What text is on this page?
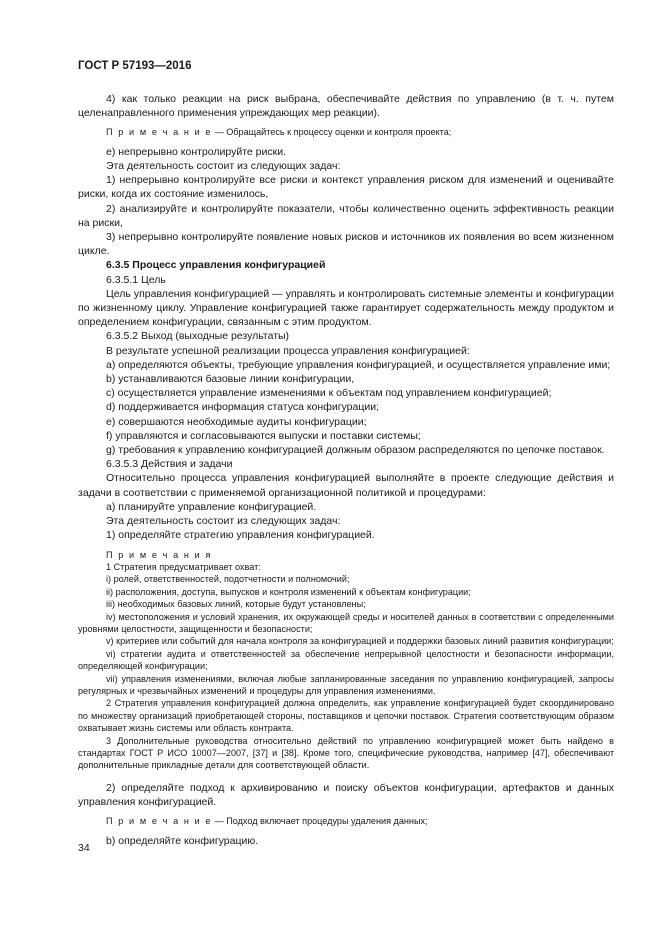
ГОСТ Р 57193—2016

4) как только реакции на риск выбрана, обеспечивайте действия по управлению (в т. ч. путем целенаправленного применения упреждающих мер реакции).

П р и м е ч а н и е — Обращайтесь к процессу оценки и контроля проекта;

е) непрерывно контролируйте риски.

Эта деятельность состоит из следующих задач:

1) непрерывно контролируйте все риски и контекст управления риском для изменений и оценивайте риски, когда их состояние изменилось,

2) анализируйте и контролируйте показатели, чтобы количественно оценить эффективность реакции на риски,

3) непрерывно контролируйте появление новых рисков и источников их появления во всем жизненном цикле.

6.3.5 Процесс управления конфигурацией

6.3.5.1 Цель

Цель управления конфигурацией — управлять и контролировать системные элементы и конфигурации по жизненному циклу. Управление конфигурацией также гарантирует содержательность между продуктом и определением конфигурации, связанным с этим продуктом.

6.3.5.2 Выход (выходные результаты)

В результате успешной реализации процесса управления конфигурацией:

а) определяются объекты, требующие управления конфигурацией, и осуществляется управление ими;

b) устанавливаются базовые линии конфигурации,

с) осуществляется управление изменениями к объектам под управлением конфигурацией;

d) поддерживается информация статуса конфигурации;

е) совершаются необходимые аудиты конфигурации;

f) управляются и согласовываются выпуски и поставки системы;

g) требования к управлению конфигурацией должным образом распределяются по цепочке поставок.

6.3.5.3 Действия и задачи

Относительно процесса управления конфигурацией выполняйте в проекте следующие действия и задачи в соответствии с применяемой организационной политикой и процедурами:

а) планируйте управление конфигурацией.

Эта деятельность состоит из следующих задач:

1) определяйте стратегию управления конфигурацией.

П р и м е ч а н и я

1 Стратегия предусматривает охват:

i) ролей, ответственностей, подотчетности и полномочий;

ii) расположения, доступа, выпусков и контроля изменений к объектам конфигурации;

iii) необходимых базовых линий, которые будут установлены;

iv) местоположения и условий хранения, их окружающей среды и носителей данных в соответствии с определенными уровнями целостности, защищенности и безопасности;

v) критериев или событий для начала контроля за конфигурацией и поддержки базовых линий развития конфигурации;

vi) стратегии аудита и ответственностей за обеспечение непрерывной целостности и безопасности информации, определяющей конфигурации;

vii) управления изменениями, включая любые запланированные заседания по управлению конфигурацией, запросы регулярных и чрезвычайных изменений и процедуры для управления изменениями.

2 Стратегия управления конфигурацией должна определить, как управление конфигурацией будет скоординировано по множеству организаций приобретающей стороны, поставщиков и цепочки поставок. Стратегия соответствующим образом охватывает жизнь системы или область контракта.

3 Дополнительные руководства относительно действий по управлению конфигурацией может быть найдено в стандартах ГОСТ Р ИСО 10007—2007, [37] и [38]. Кроме того, специфические руководства, например [47], обеспечивают дополнительные прикладные детали для соответствующей области.

2) определяйте подход к архивированию и поиску объектов конфигурации, артефактов и данных управления конфигурацией.

П р и м е ч а н и е — Подход включает процедуры удаления данных;

b) определяйте конфигурацию.

34
